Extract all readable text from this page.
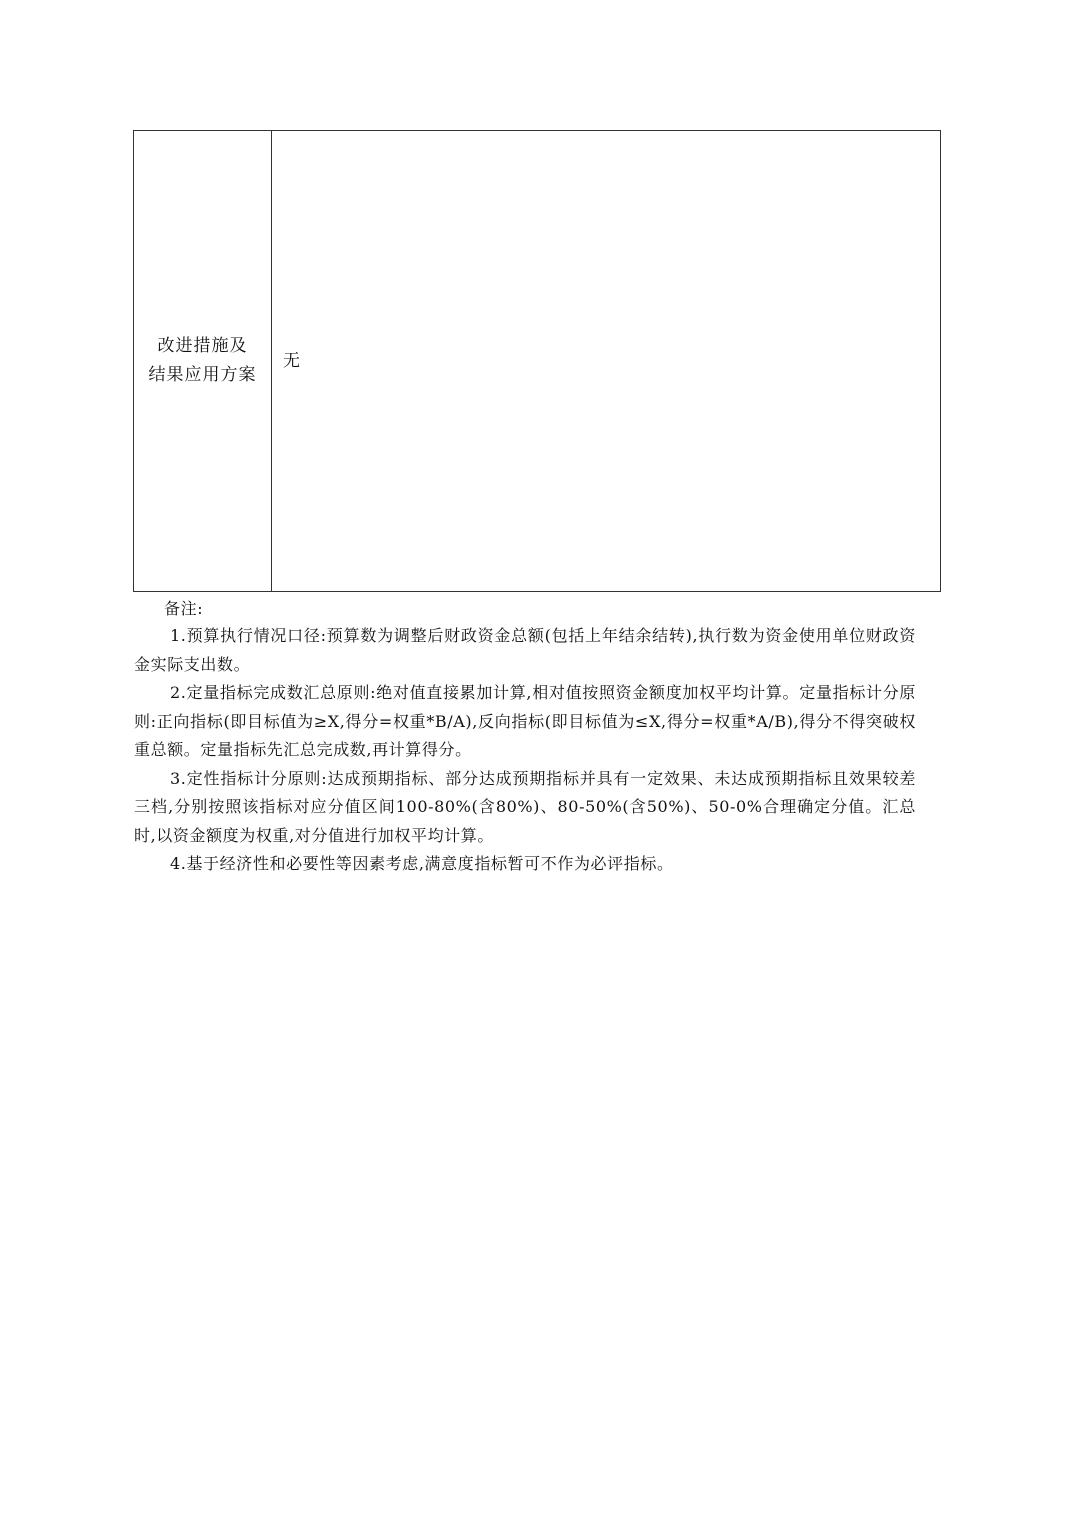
改进措施及
结果应用方案
无

备注:

1.预算执行情况口径:预算数为调整后财政资金总额(包括上年结余结转),执行数为资金使用单位财政资金实际支出数。

2.定量指标完成数汇总原则:绝对值直接累加计算,相对值按照资金额度加权平均计算。定量指标计分原则:正向指标(即目标值为≥X,得分=权重*B/A),反向指标(即目标值为≤X,得分=权重*A/B),得分不得突破权重总额。定量指标先汇总完成数,再计算得分。

3.定性指标计分原则:达成预期指标、部分达成预期指标并具有一定效果、未达成预期指标且效果较差三档,分别按照该指标对应分值区间100-80%(含80%)、80-50%(含50%)、50-0%合理确定分值。汇总时,以资金额度为权重,对分值进行加权平均计算。

4.基于经济性和必要性等因素考虑,满意度指标暂可不作为必评指标。
